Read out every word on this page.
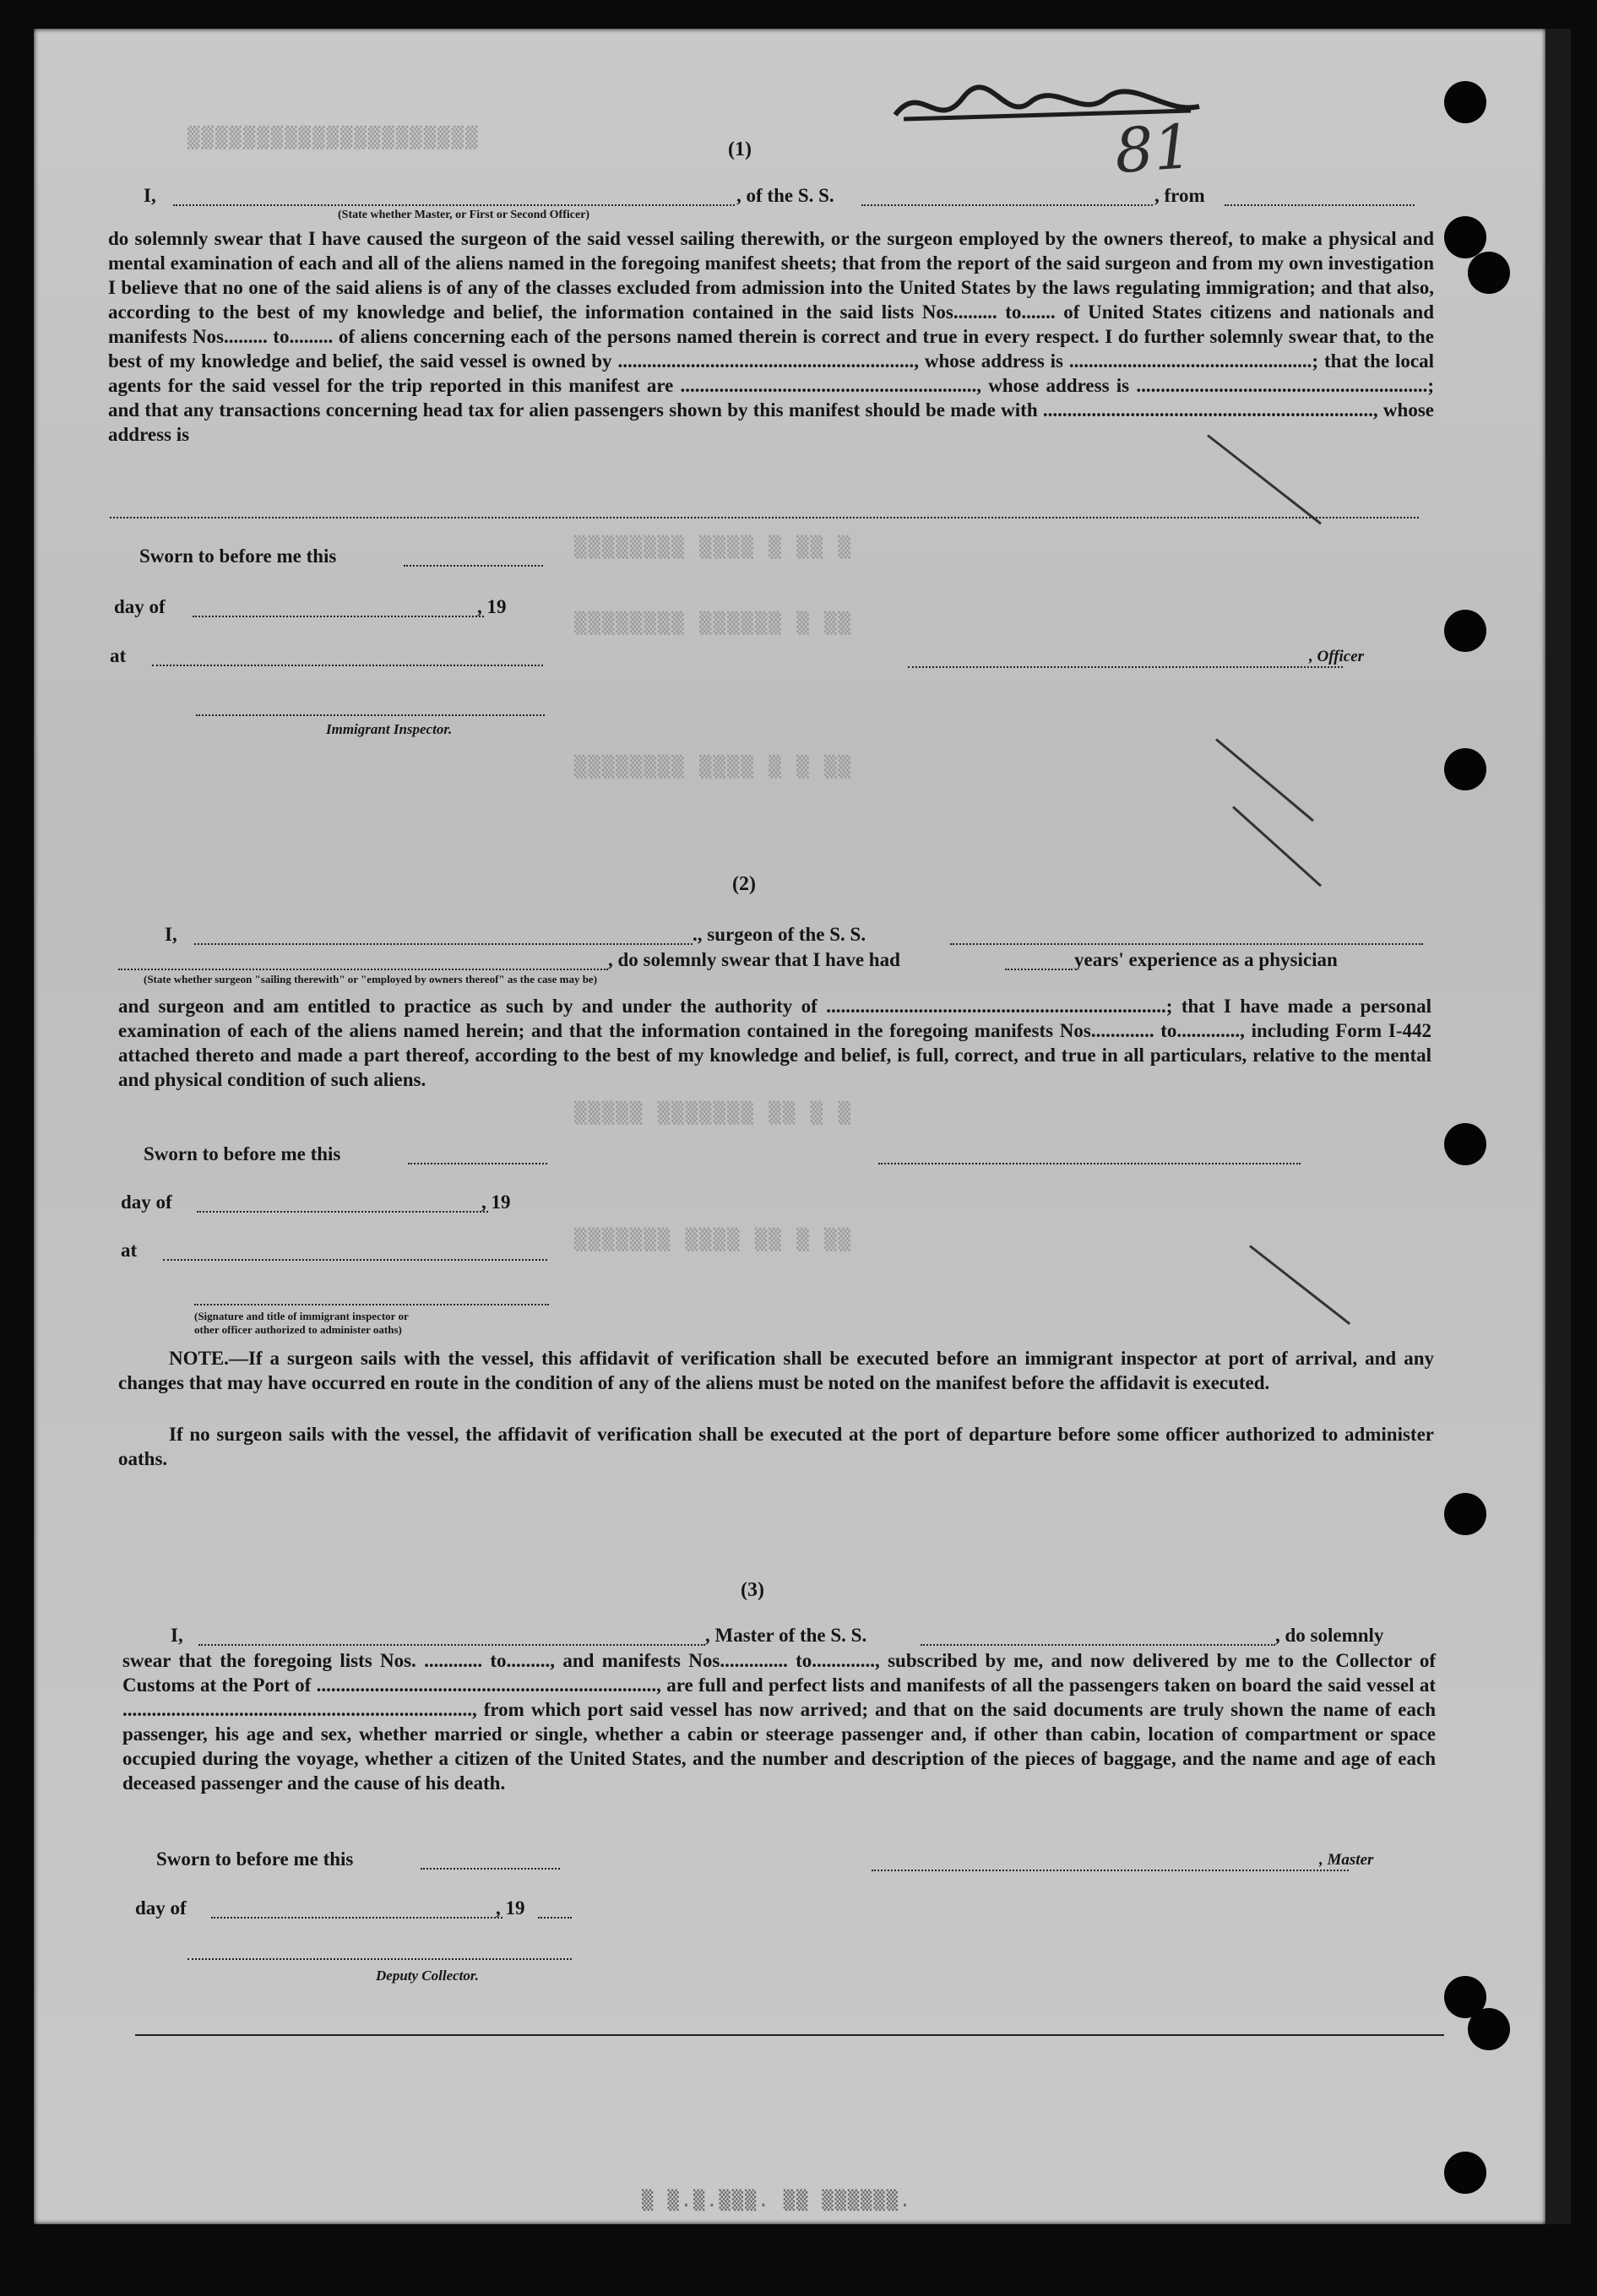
81
▒▒▒▒▒▒▒▒▒▒▒▒▒▒▒▒▒▒▒▒▒
▒▒▒▒▒▒▒▒ ▒▒▒▒ ▒ ▒▒ ▒
▒▒▒▒▒▒▒▒ ▒▒▒▒▒▒ ▒ ▒▒
▒▒▒▒▒▒▒▒ ▒▒▒▒ ▒ ▒ ▒▒
▒▒▒▒▒ ▒▒▒▒▒▒▒ ▒▒ ▒ ▒
▒▒▒▒▒▒▒ ▒▒▒▒ ▒▒ ▒ ▒▒
(1)
I,	, of the S. S.	, from
(State whether Master, or First or Second Officer)
do solemnly swear that I have caused the surgeon of the said vessel sailing therewith, or the surgeon employed by the owners thereof, to make a physical and mental examination of each and all of the aliens named in the foregoing manifest sheets; that from the report of the said surgeon and from my own investigation I believe that no one of the said aliens is of any of the classes excluded from admission into the United States by the laws regulating immigration; and that also, according to the best of my knowledge and belief, the information contained in the said lists Nos......... to....... of United States citizens and nationals and manifests Nos......... to......... of aliens concerning each of the persons named therein is correct and true in every respect. I do further solemnly swear that, to the best of my knowledge and belief, the said vessel is owned by ............................................................., whose address is ..................................................; that the local agents for the said vessel for the trip reported in this manifest are ............................................................., whose address is ............................................................; and that any transactions concerning head tax for alien passengers shown by this manifest should be made with ...................................................................., whose address is
Sworn to before me this
day of	, 19
at	, Officer
Immigrant Inspector.
(2)
I,	., surgeon of the S. S.
, do solemnly swear that I have had	years' experience as a physician
(State whether surgeon "sailing therewith" or "employed by owners thereof" as the case may be)
and surgeon and am entitled to practice as such by and under the authority of ......................................................................; that I have made a personal examination of each of the aliens named herein; and that the information contained in the foregoing manifests Nos............. to............., including Form I-442 attached thereto and made a part thereof, according to the best of my knowledge and belief, is full, correct, and true in all particulars, relative to the mental and physical condition of such aliens.
Sworn to before me this
day of	, 19
at
(Signature and title of immigrant inspector or
other officer authorized to administer oaths)
NOTE.—If a surgeon sails with the vessel, this affidavit of verification shall be executed before an immigrant inspector at port of arrival, and any changes that may have occurred en route in the condition of any of the aliens must be noted on the manifest before the affidavit is executed.
If no surgeon sails with the vessel, the affidavit of verification shall be executed at the port of departure before some officer authorized to administer oaths.
(3)
I,	, Master of the S. S.	, do solemnly
swear that the foregoing lists Nos. ............ to........., and manifests Nos.............. to............., subscribed by me, and now delivered by me to the Collector of Customs at the Port of ......................................................................, are full and perfect lists and manifests of all the passengers taken on board the said vessel at ........................................................................, from which port said vessel has now arrived; and that on the said documents are truly shown the name of each passenger, his age and sex, whether married or single, whether a cabin or steerage passenger and, if other than cabin, location of compartment or space occupied during the voyage, whether a citizen of the United States, and the number and description of the pieces of baggage, and the name and age of each deceased passenger and the cause of his death.
Sworn to before me this	, Master
day of	, 19
Deputy Collector.
▒ ▒.▒.▒▒▒. ▒▒ ▒▒▒▒▒▒.
